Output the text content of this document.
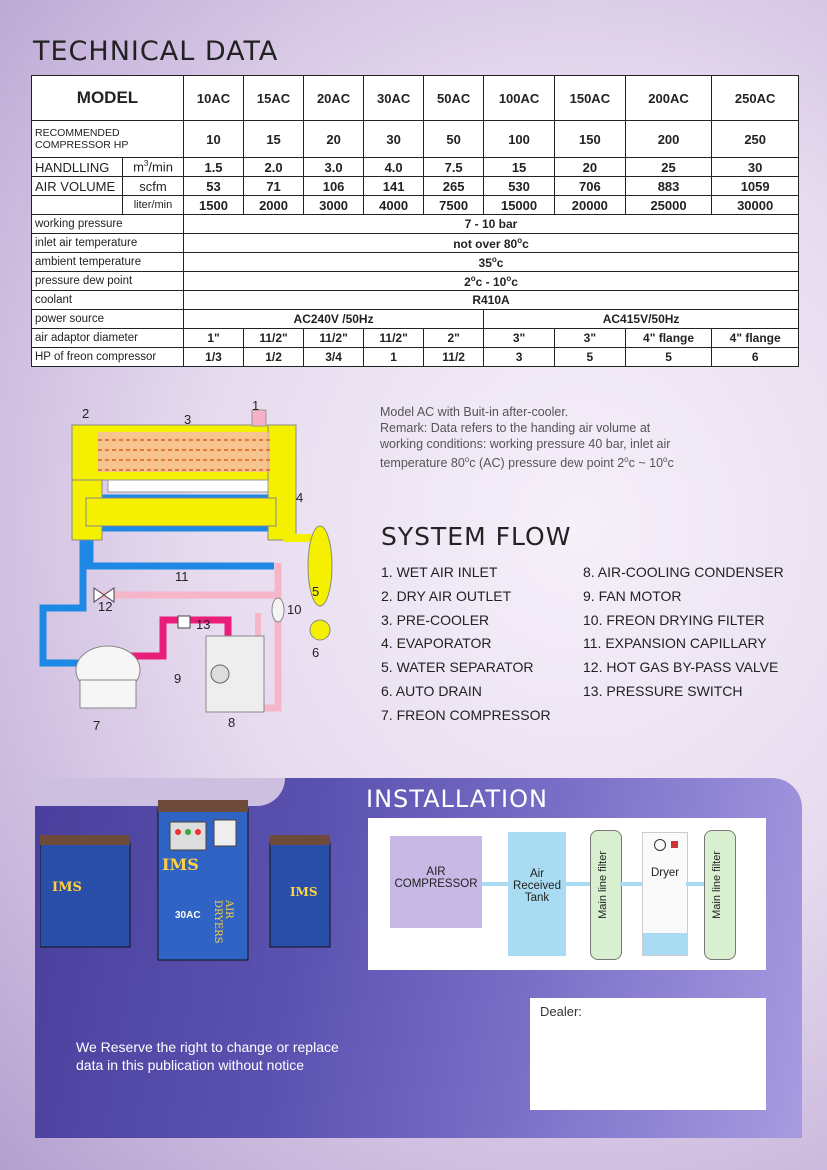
TECHNICAL DATA
MODEL		10AC	15AC	20AC	30AC	50AC	100AC	150AC	200AC	250AC
RECOMMENDED COMPRESSOR HP		10	15	20	30	50	100	150	200	250
HANDLLING	$m^3/\min$	1.5	2.0	3.0	4.0	7.5	15	20	25	30
AIR VOLUME	scfm	53	71	106	141	265	530	706	883	1059
	liter/min	1500	2000	3000	4000	7500	15000	20000	25000	30000
working pressure		7 - 10 bar								
inlet air temperature		not over 80$^o$c								
ambient temperature		35$^o$c								
pressure dew point		2$^o$c - 10$^o$c								
coolant		R410A								
power source		AC240V /50Hz					AC415V/50Hz			
air adaptor diameter		1"	11/2"	11/2"	11/2"	2"	3"	3"	4" flange	4" flange
HP of freon compressor		1/3	1/2	3/4	1	11/2	3	5	5	6
1
2	3
4
5
6
7	8
9
10
11
12
13
Model AC with Buit-in after-cooler.
Remark: Data refers to the handing air volume at
working conditions: working pressure 40 bar, inlet air
temperature 80$^o$c (AC) pressure dew point 2$^o$c ~ 10$^o$c
SYSTEM FLOW
1. WET AIR INLET
2. DRY AIR OUTLET
3. PRE-COOLER
4. EVAPORATOR
5. WATER SEPARATOR
6. AUTO DRAIN
7. FREON COMPRESSOR
8. AIR-COOLING CONDENSER
9. FAN MOTOR
10. FREON DRYING FILTER
11. EXPANSION CAPILLARY
12. HOT GAS BY-PASS VALVE
13. PRESSURE SWITCH
IMS
IMS	IMS
30AC	AIR DRYERS
INSTALLATION
AIR
COMPRESSOR
Air
Received
Tank	Main line filter	Dryer	Main line filter
Dealer:
We Reserve the right to change or replace
data in this publication without notice
